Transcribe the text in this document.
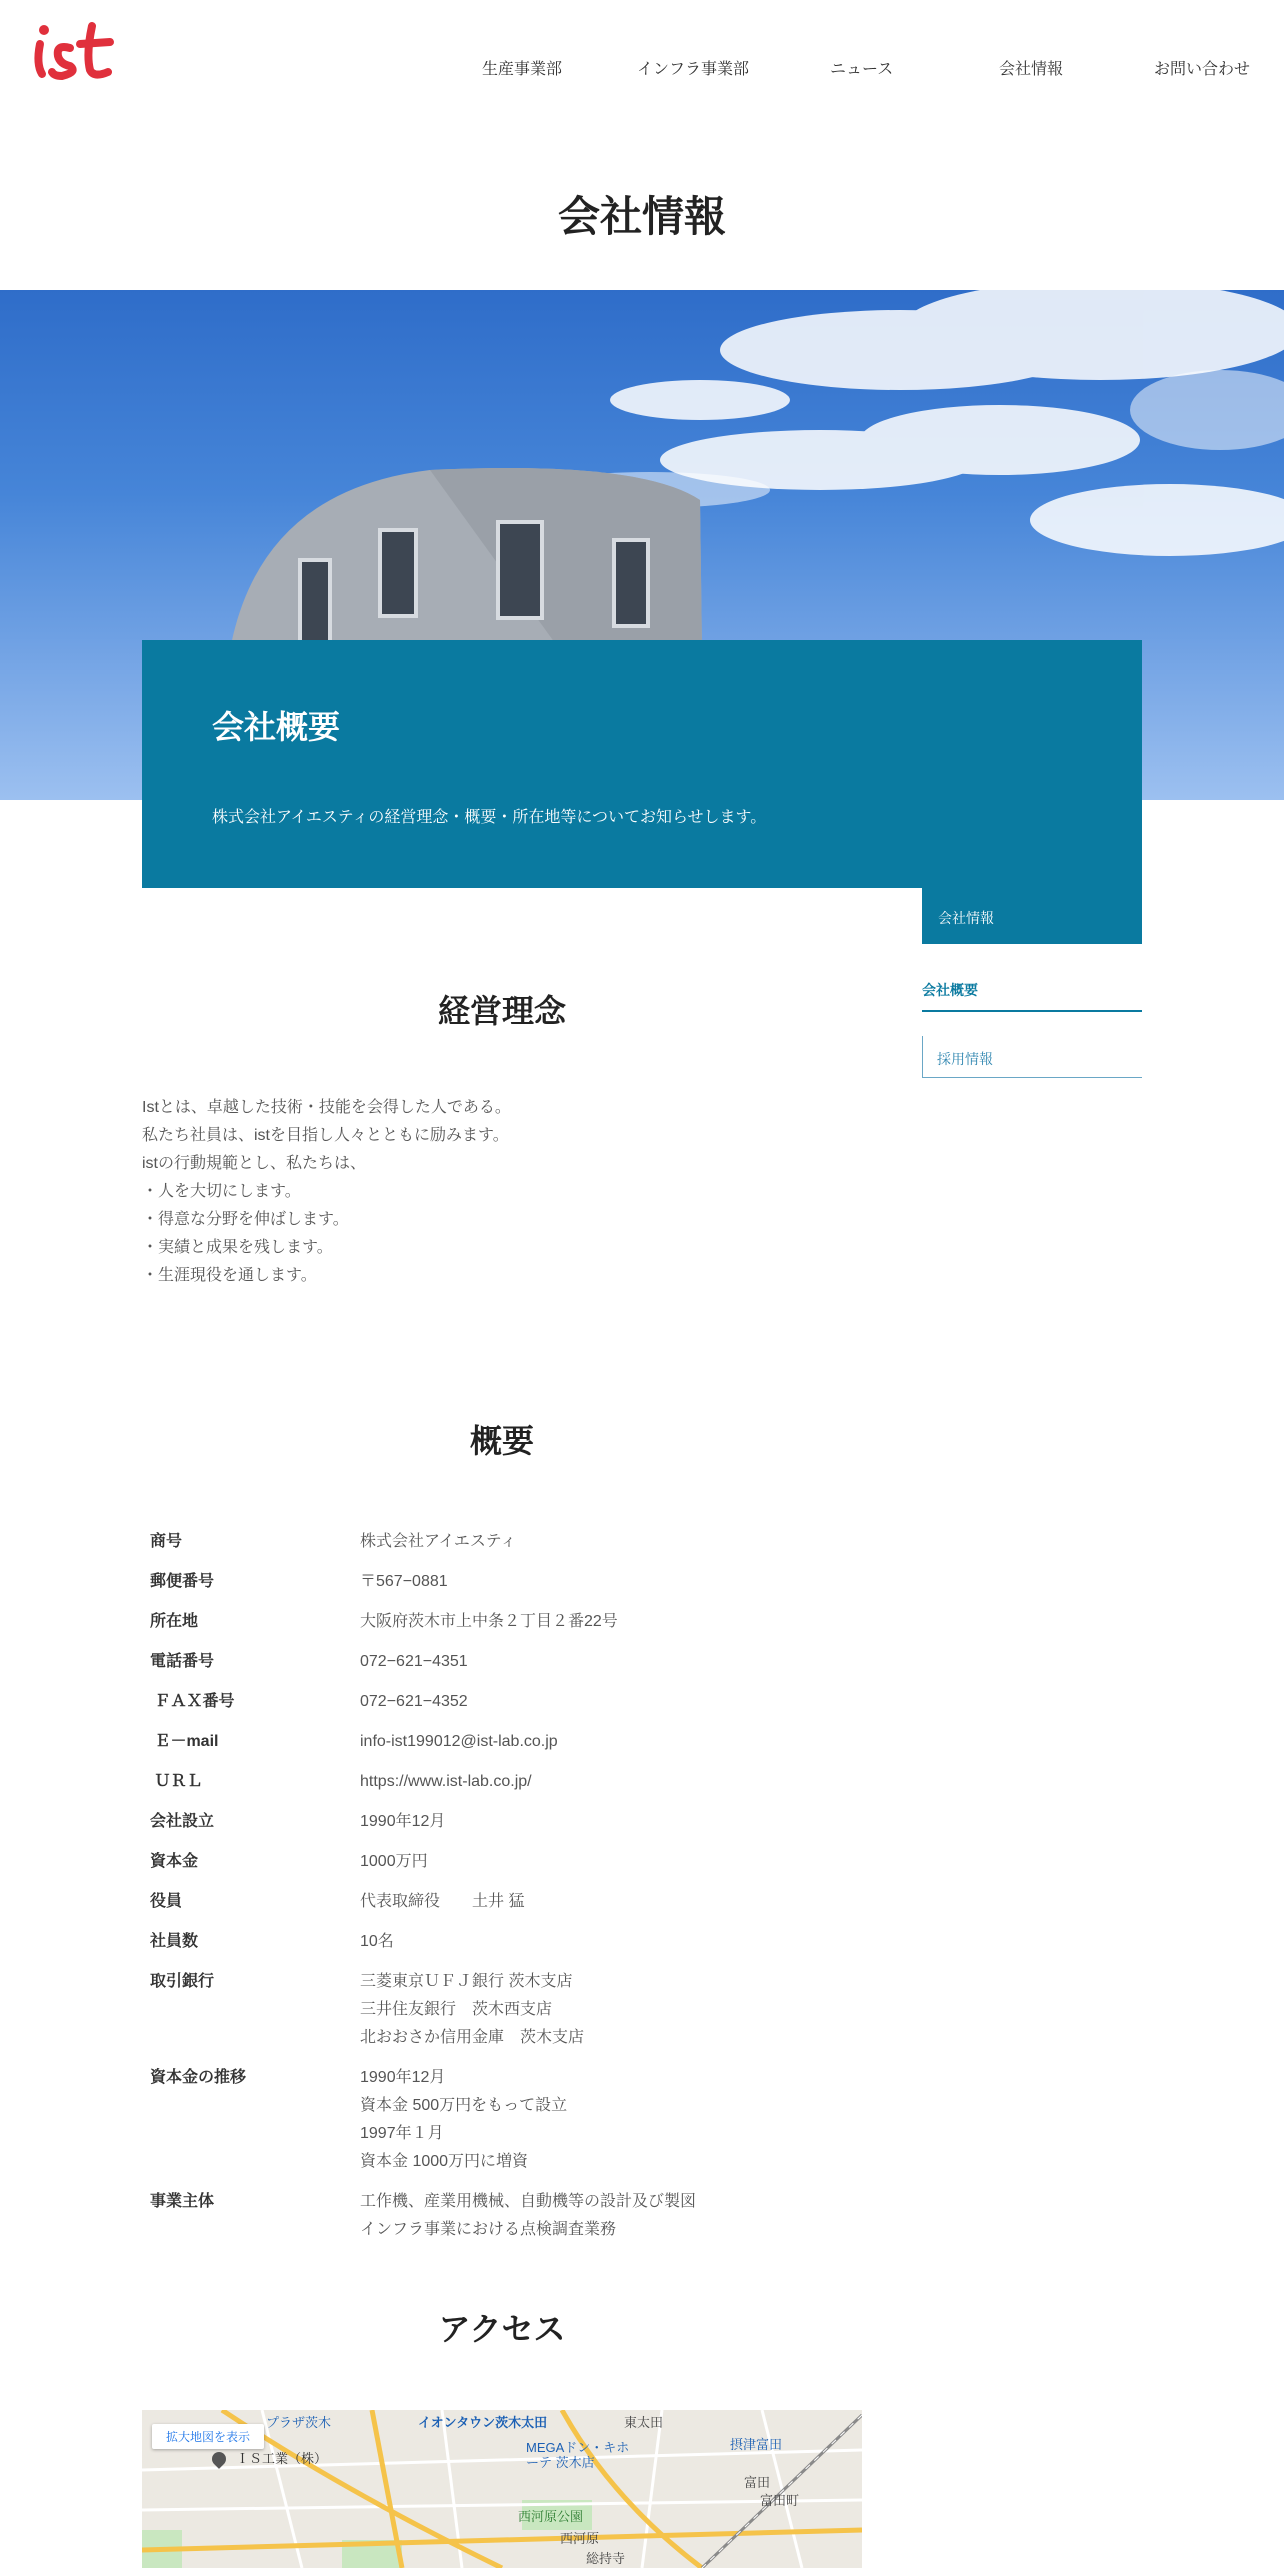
生産事業部	インフラ事業部	ニュース	会社情報	お問い合わせ
会社情報
会社概要

株式会社アイエスティの経営理念・概要・所在地等についてお知らせします。

会社情報
会社概要
採用情報
経営理念

Istとは、卓越した技術・技能を会得した人である。

私たち社員は、istを目指し人々とともに励みます。

istの行動規範とし、私たちは、

・人を大切にします。

・得意な分野を伸ばします。

・実績と成果を残します。

・生涯現役を通します。

概要
商号	株式会社アイエスティ
郵便番号	〒567−0881
所在地	大阪府茨木市上中条２丁目２番22号
電話番号	072−621−4351
ＦＡＸ番号	072−621−4352
Ｅ－mail	info-ist199012@ist-lab.co.jp
ＵＲＬ	https://www.ist-lab.co.jp/
会社設立	1990年12月
資本金	1000万円
役員	代表取締役　　土井 猛
社員数	10名
取引銀行	三菱東京ＵＦＪ銀行 茨木支店
三井住友銀行　茨木西支店
北おおさか信用金庫　茨木支店
資本金の推移	1990年12月
資本金 500万円をもって設立
1997年１月
資本金 1000万円に増資
事業主体	工作機、産業用機械、自動機等の設計及び製図
インフラ事業における点検調査業務
アクセス
拡大地図を表示
ＩＳ工業（株）
イオンタウン茨木太田
MEGAドン・キホーテ 茨木店
西河原公園
西河原
総持寺
東太田
摂津富田
富田
富田町
プラザ茨木
